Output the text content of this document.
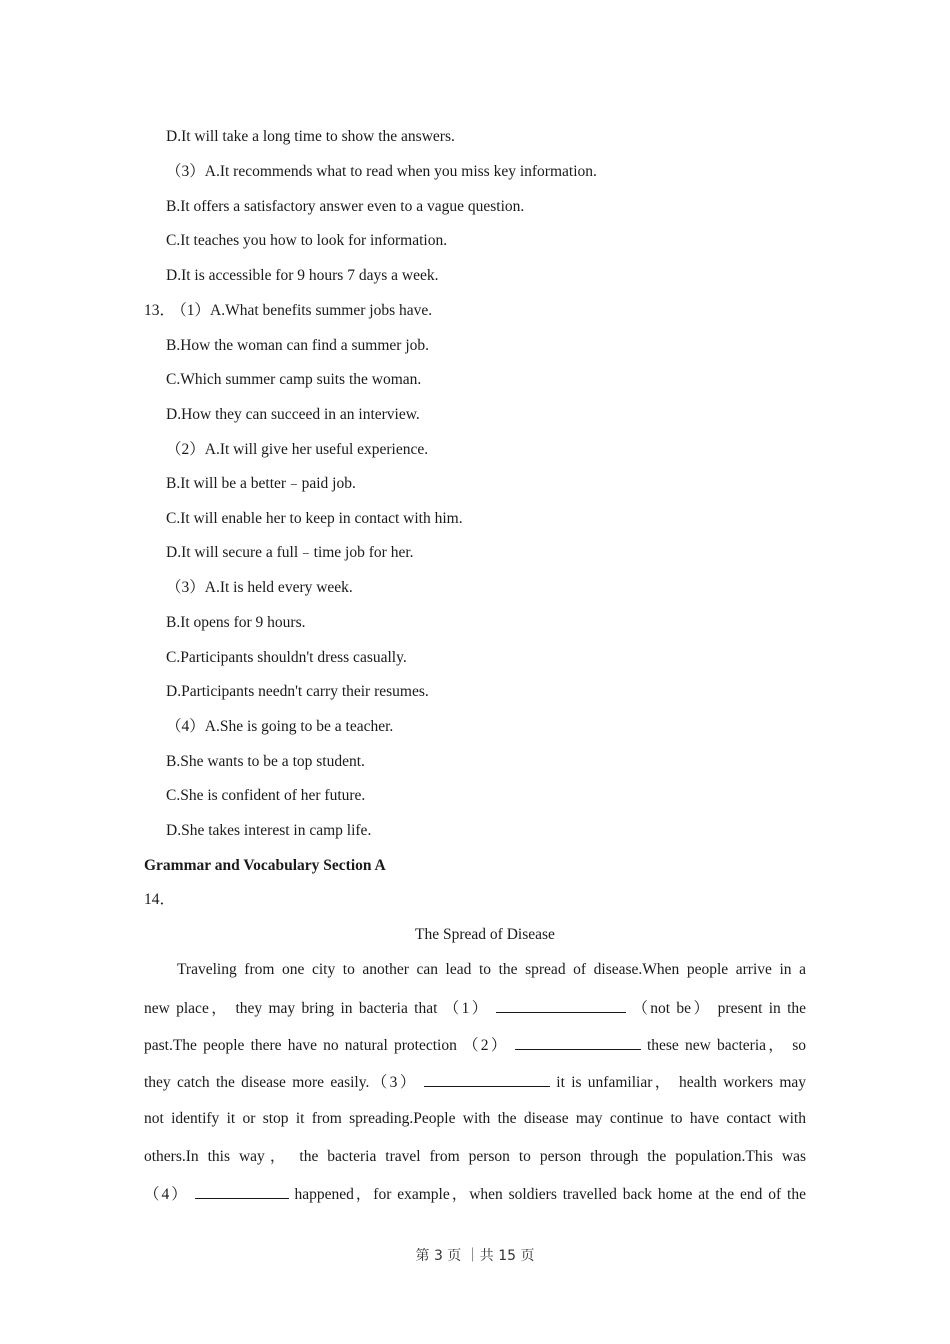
D.It will take a long time to show the answers.
（3）A.It recommends what to read when you miss key information.
B.It offers a satisfactory answer even to a vague question.
C.It teaches you how to look for information.
D.It is accessible for 9 hours 7 days a week.
13． （1）A.What benefits summer jobs have.
B.How the woman can find a summer job.
C.Which summer camp suits the woman.
D.How they can succeed in an interview.
（2）A.It will give her useful experience.
B.It will be a better﹣paid job.
C.It will enable her to keep in contact with him.
D.It will secure a full﹣time job for her.
（3）A.It is held every week.
B.It opens for 9 hours.
C.Participants shouldn't dress casually.
D.Participants needn't carry their resumes.
（4）A.She is going to be a teacher.
B.She wants to be a top student.
C.She is confident of her future.
D.She takes interest in camp life.
Grammar and Vocabulary Section A
14．
The Spread of Disease
Traveling from one city to another can lead to the spread of disease.When people arrive in a
new place， they may bring in bacteria that （1）	（not be） present in the
past.The people there have no natural protection （2）	these new bacteria， so
they catch the disease more easily.（3）	it is unfamiliar， health workers may
not identify it or stop it from spreading.People with the disease may continue to have contact with
others.In this way， the bacteria travel from person to person through the population.This was
（4）	happened，for example，when soldiers travelled back home at the end of the
第 3 页 ｜共 15 页
